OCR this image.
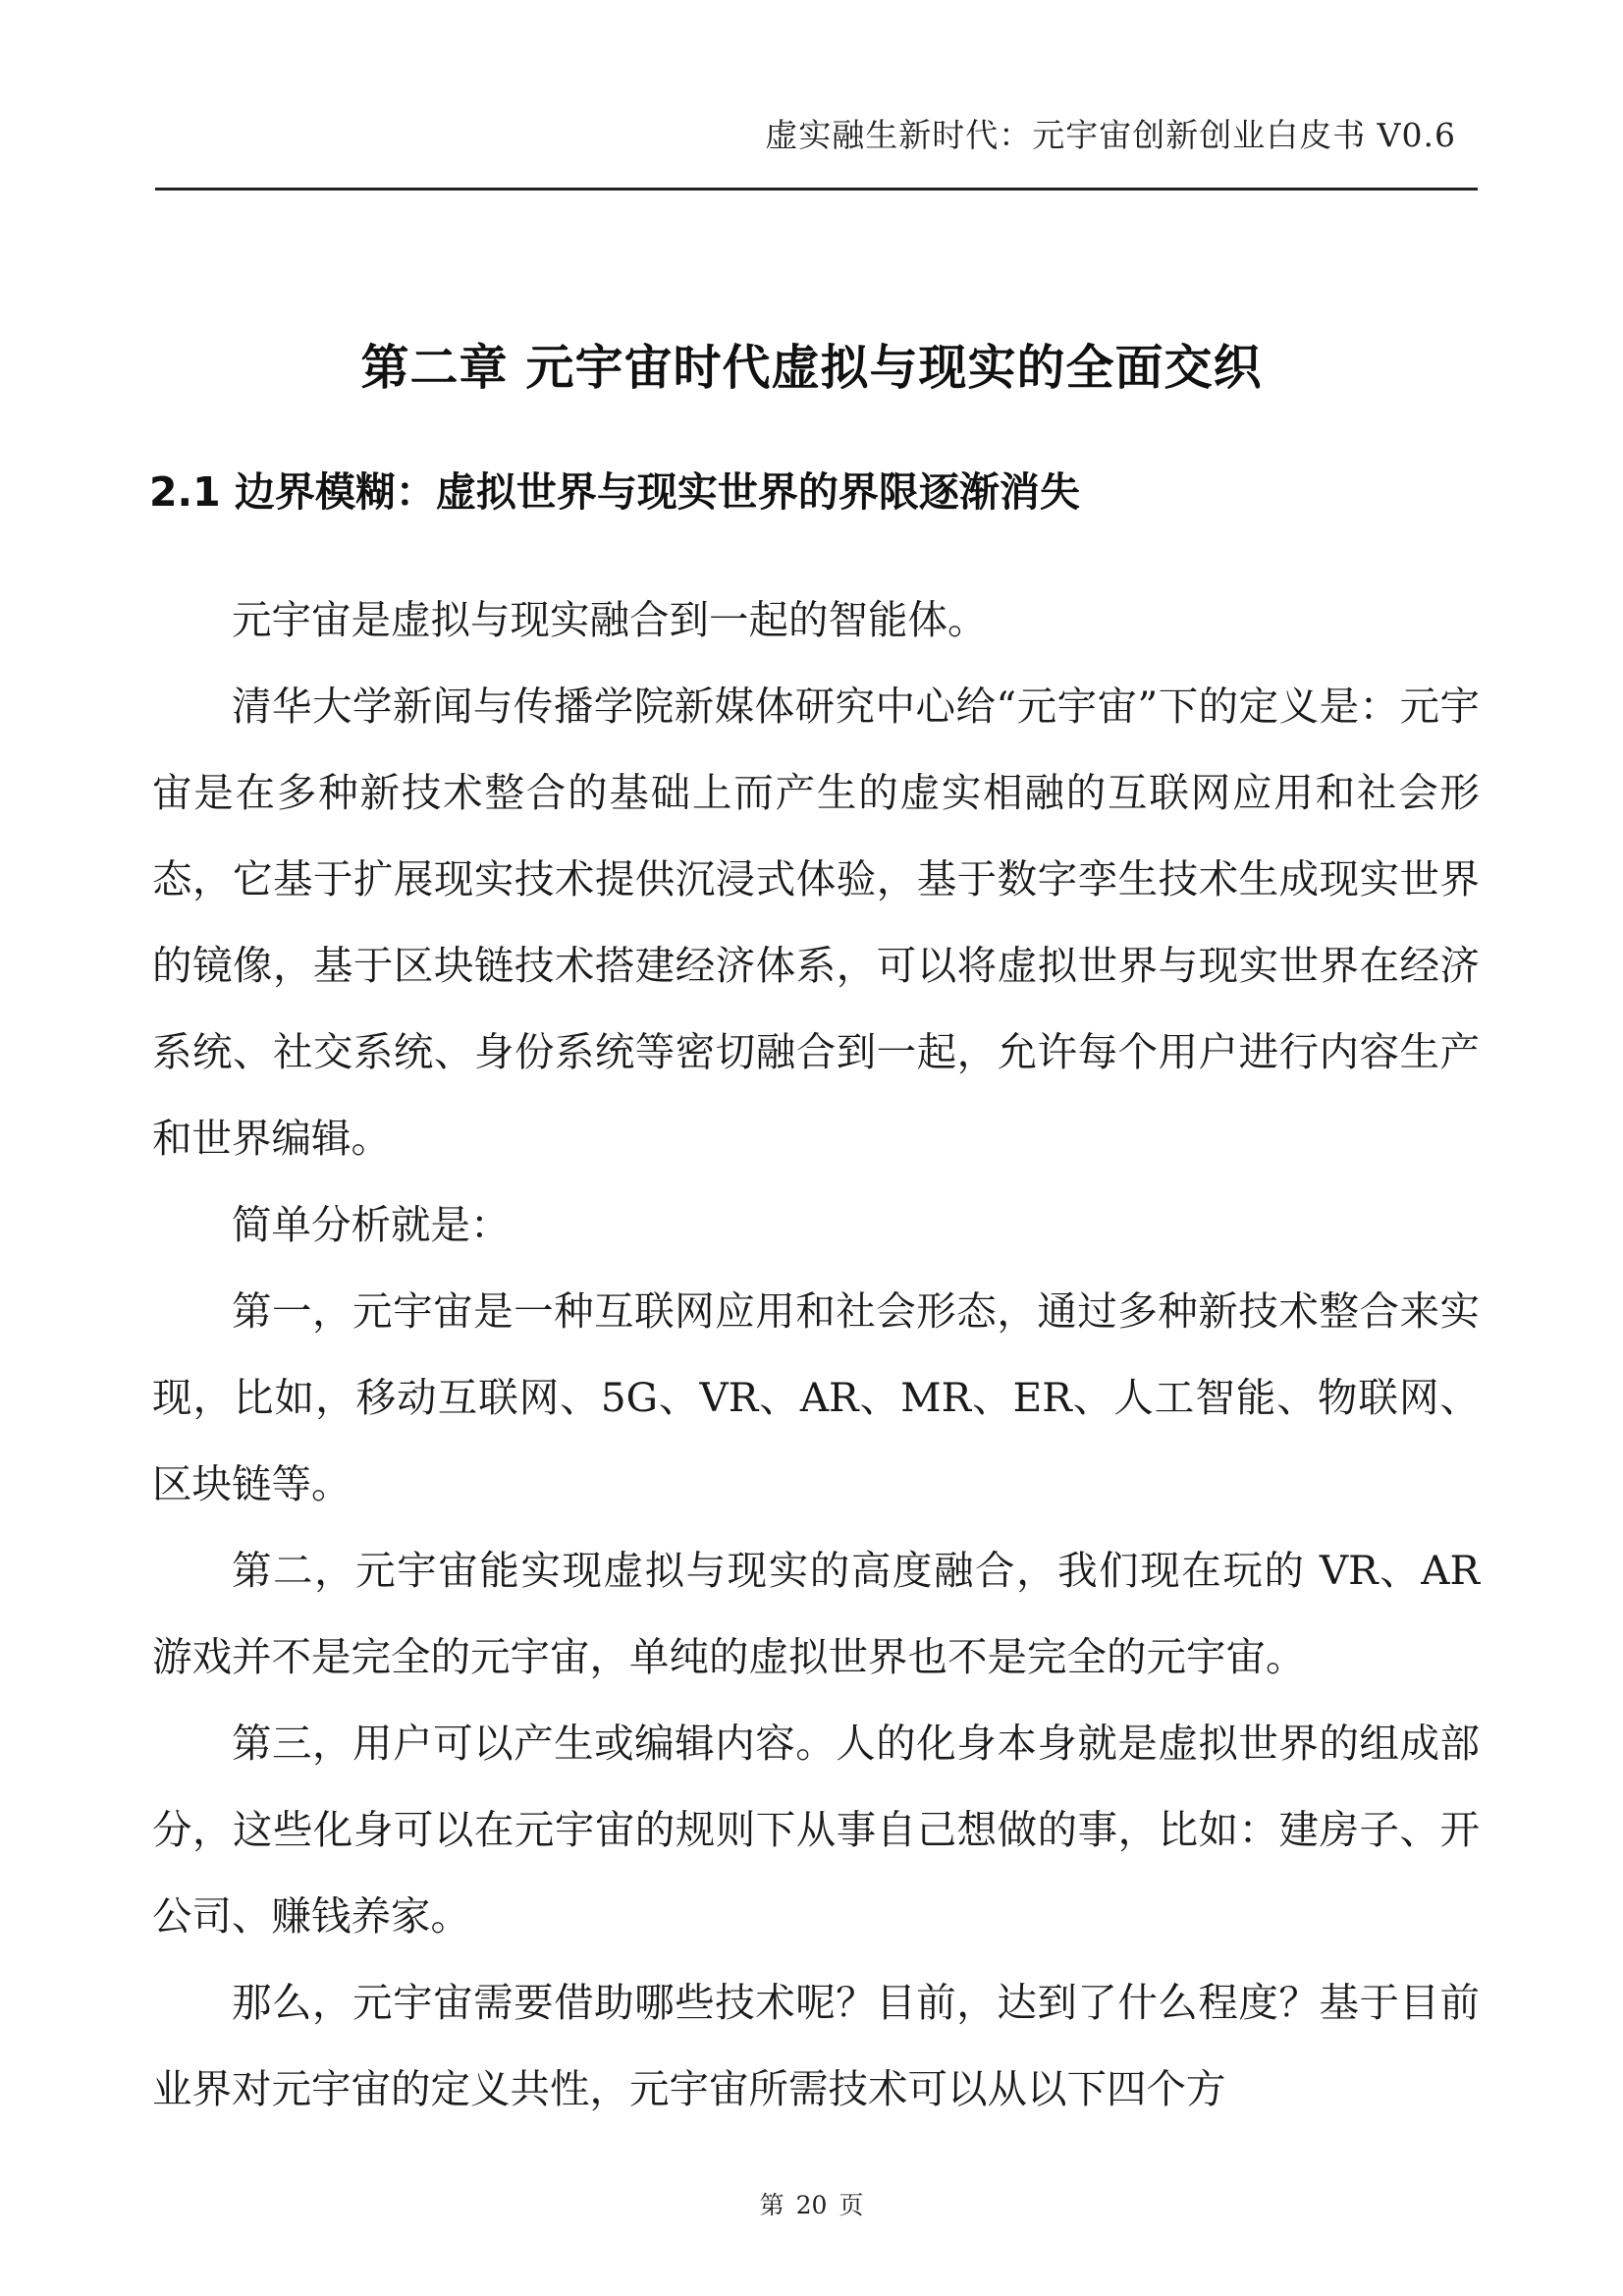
虚实融生新时代：元宇宙创新创业白皮书 V0.6
第二章 元宇宙时代虚拟与现实的全面交织
2.1 边界模糊：虚拟世界与现实世界的界限逐渐消失

元宇宙是虚拟与现实融合到一起的智能体。

清华大学新闻与传播学院新媒体研究中心给“元宇宙”下的定义是：元宇宙是在多种新技术整合的基础上而产生的虚实相融的互联网应用和社会形态，它基于扩展现实技术提供沉浸式体验，基于数字孪生技术生成现实世界的镜像，基于区块链技术搭建经济体系，可以将虚拟世界与现实世界在经济系统、社交系统、身份系统等密切融合到一起，允许每个用户进行内容生产和世界编辑。

简单分析就是：

第一，元宇宙是一种互联网应用和社会形态，通过多种新技术整合来实现，比如，移动互联网、5G、VR、AR、MR、ER、人工智能、物联网、区块链等。

第二，元宇宙能实现虚拟与现实的高度融合，我们现在玩的 VR、AR 游戏并不是完全的元宇宙，单纯的虚拟世界也不是完全的元宇宙。

第三，用户可以产生或编辑内容。人的化身本身就是虚拟世界的组成部分，这些化身可以在元宇宙的规则下从事自己想做的事，比如：建房子、开公司、赚钱养家。

那么，元宇宙需要借助哪些技术呢？目前，达到了什么程度？基于目前业界对元宇宙的定义共性，元宇宙所需技术可以从以下四个方

第 20 页
